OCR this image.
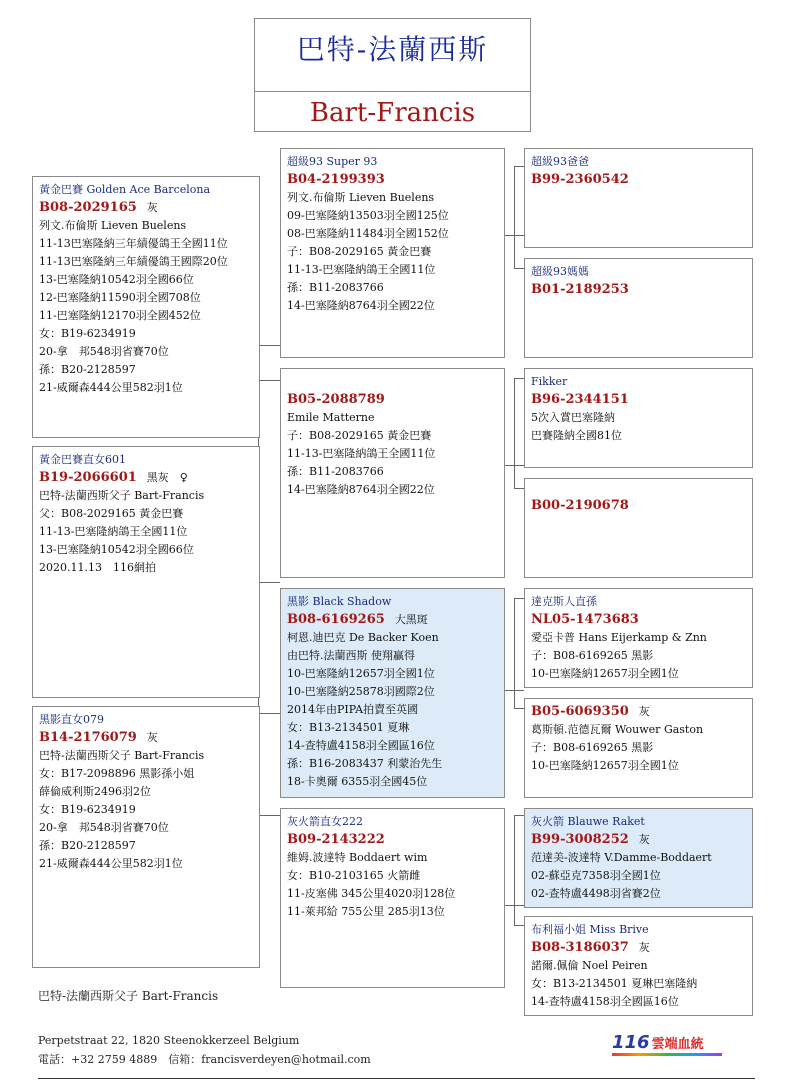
巴特-法蘭西斯
Bart-Francis
黃金巴賽 Golden Ace Barcelona
B08-2029165 灰
列文.布倫斯 Lieven Buelens
11-13巴塞隆納三年績優鴿王全國11位
11-13巴塞隆納三年績優鴿王國際20位
13-巴塞隆納10542羽全國66位
12-巴塞隆納11590羽全國708位
11-巴塞隆納12170羽全國452位
女：B19-6234919
20-拿　邦548羽省賽70位
孫：B20-2128597
21-威爾森444公里582羽1位
黃金巴賽直女601
B19-2066601 黑灰　♀
巴特-法蘭西斯父子 Bart-Francis
父：B08-2029165 黃金巴賽
11-13-巴塞隆納鴿王全國11位
13-巴塞隆納10542羽全國66位
2020.11.13　116網拍
黑影直女079
B14-2176079 灰
巴特-法蘭西斯父子 Bart-Francis
女：B17-2098896 黑影孫小姐
薛倫威利斯2496羽2位
女：B19-6234919
20-拿　邦548羽省賽70位
孫：B20-2128597
21-威爾森444公里582羽1位
超級93 Super 93
B04-2199393
列文.布倫斯 Lieven Buelens
09-巴塞隆納13503羽全國125位
08-巴塞隆納11484羽全國152位
子：B08-2029165 黃金巴賽
11-13-巴塞隆納鴿王全國11位
孫：B11-2083766
14-巴塞隆納8764羽全國22位
B05-2088789
Emile Matterne
子：B08-2029165 黃金巴賽
11-13-巴塞隆納鴿王全國11位
孫：B11-2083766
14-巴塞隆納8764羽全國22位
黑影 Black Shadow
B08-6169265 大黑斑
柯恩.迪巴克 De Backer Koen
由巴特.法蘭西斯 使翔贏得
10-巴塞隆納12657羽全國1位
10-巴塞隆納25878羽國際2位
2014年由PIPA拍賣至英國
女：B13-2134501 夏琳
14-查特盧4158羽全國區16位
孫：B16-2083437 利蒙治先生
18-卡奧爾 6355羽全國45位
灰火箭直女222
B09-2143222
維姆.波達特 Boddaert wim
女：B10-2103165 火箭雌
11-皮塞佛 345公里4020羽128位
11-萊邦給 755公里 285羽13位
超級93爸爸
B99-2360542
超級93媽媽
B01-2189253
Fikker
B96-2344151
5次入賞巴塞隆納
巴賽隆納全國81位
B00-2190678
達克斯人直孫
NL05-1473683
愛亞卡普 Hans Eijerkamp & Znn
子：B08-6169265 黑影
10-巴塞隆納12657羽全國1位
B05-6069350 灰
葛斯頓.范德瓦爾 Wouwer Gaston
子：B08-6169265 黑影
10-巴塞隆納12657羽全國1位
灰火箭 Blauwe Raket
B99-3008252 灰
范達美-波達特 V.Damme-Boddaert
02-蘇亞克7358羽全國1位
02-查特盧4498羽省賽2位
布利福小姐 Miss Brive
B08-3186037 灰
諾爾.佩倫 Noel Peiren
女：B13-2134501 夏琳巴塞隆納
14-查特盧4158羽全國區16位
巴特-法蘭西斯父子 Bart-Francis
Perpetstraat 22, 1820 Steenokkerzeel Belgium
電話：+32 2759 4889　信箱：francisverdeyen@hotmail.com
116 雲端血統
